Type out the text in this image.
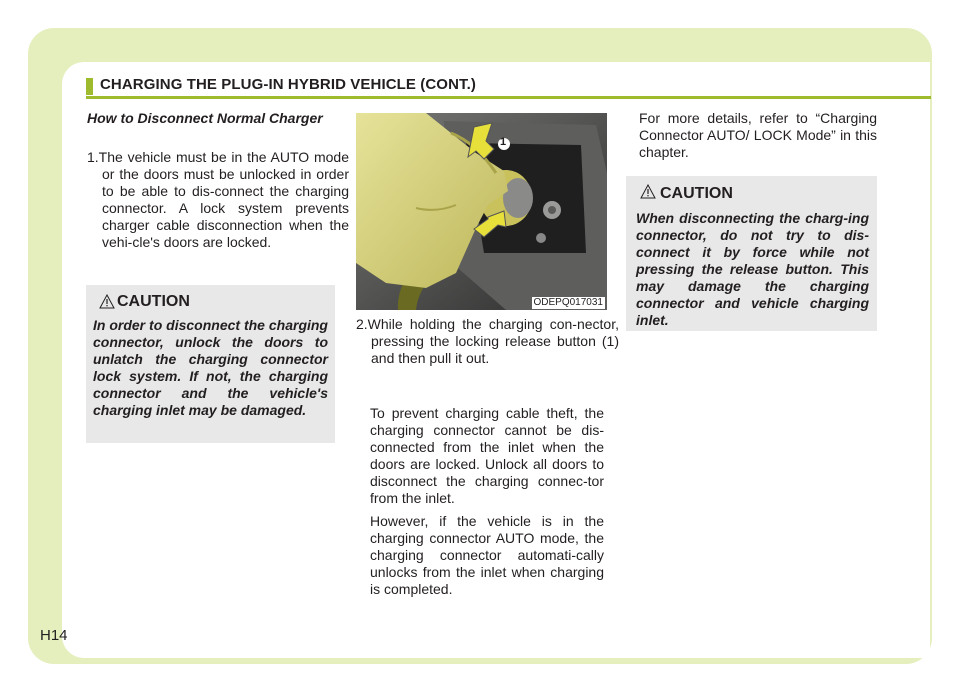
CHARGING THE PLUG-IN HYBRID VEHICLE (CONT.)
How to Disconnect Normal Charger
1.The vehicle must be in the AUTO mode or the doors must be unlocked in order to be able to dis-connect the charging connector. A lock system prevents charger cable disconnection when the vehi-cle's doors are locked.
CAUTION
In order to disconnect the charging connector, unlock the doors to unlatch the charging connector lock system. If not, the charging connector and the vehicle's charging inlet may be damaged.
1
ODEPQ017031
2.While holding the charging con-nector, pressing the locking release button (1) and then pull it out.
To prevent charging cable theft, the charging connector cannot be dis-connected from the inlet when the doors are locked. Unlock all doors to disconnect the charging connec-tor from the inlet.
However, if the vehicle is in the charging connector AUTO mode, the charging connector automati-cally unlocks from the inlet when charging is completed.
For more details, refer to “Charging Connector AUTO/ LOCK Mode” in this chapter.
CAUTION
When disconnecting the charg-ing connector, do not try to dis-connect it by force while not pressing the release button. This may damage the charging connector and vehicle charging inlet.
H14
